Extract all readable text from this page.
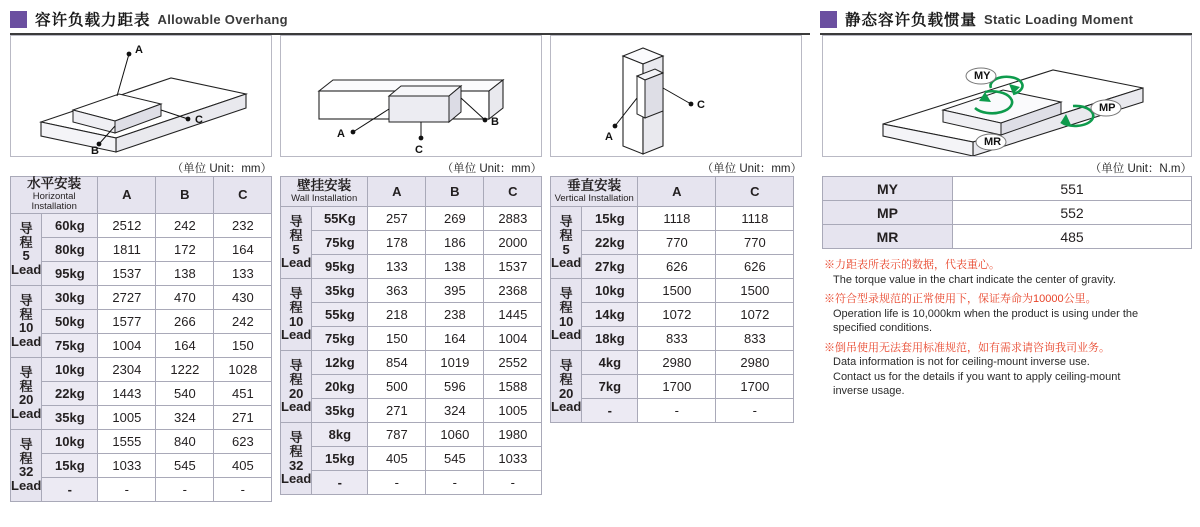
容许负载力距表 Allowable Overhang	静态容许负载惯量 Static Loading Moment
A
B
C
（单位 Unit：mm）
A
B
C
（单位 Unit：mm）
A
C
（单位 Unit：mm）
MY
MP
MR
（单位 Unit：N.m）
水平安装
Horizontal Installation		A	B	C
导
程
5
Lead	60kg	2512	242	232
	80kg	1811	172	164
	95kg	1537	138	133
导
程
10
Lead	30kg	2727	470	430
	50kg	1577	266	242
	75kg	1004	164	150
导
程
20
Lead	10kg	2304	1222	1028
	22kg	1443	540	451
	35kg	1005	324	271
导
程
32
Lead	10kg	1555	840	623
	15kg	1033	545	405
	-	-	-	-
壁挂安装
Wall Installation		A	B	C
导
程
5
Lead	55Kg	257	269	2883
	75kg	178	186	2000
	95kg	133	138	1537
导
程
10
Lead	35kg	363	395	2368
	55kg	218	238	1445
	75kg	150	164	1004
导
程
20
Lead	12kg	854	1019	2552
	20kg	500	596	1588
	35kg	271	324	1005
导
程
32
Lead	8kg	787	1060	1980
	15kg	405	545	1033
	-	-	-	-
垂直安装
Vertical Installation		A	C
导
程
5
Lead	15kg	1118	1118
	22kg	770	770
	27kg	626	626
导
程
10
Lead	10kg	1500	1500
	14kg	1072	1072
	18kg	833	833
导
程
20
Lead	4kg	2980	2980
	7kg	1700	1700
	-	-	-
MY	551
MP	552
MR	485
※力距表所表示的数据，代表重心。
The torque value in the chart indicate the center of gravity.
※符合型录规范的正常使用下，保证寿命为10000公里。
Operation life is 10,000km when the product is using under the
specified conditions.
※倒吊使用无法套用标准规范，如有需求请咨询我司业务。
Data information is not for ceiling-mount inverse use.
Contact us for the details if you want to apply ceiling-mount
inverse usage.
